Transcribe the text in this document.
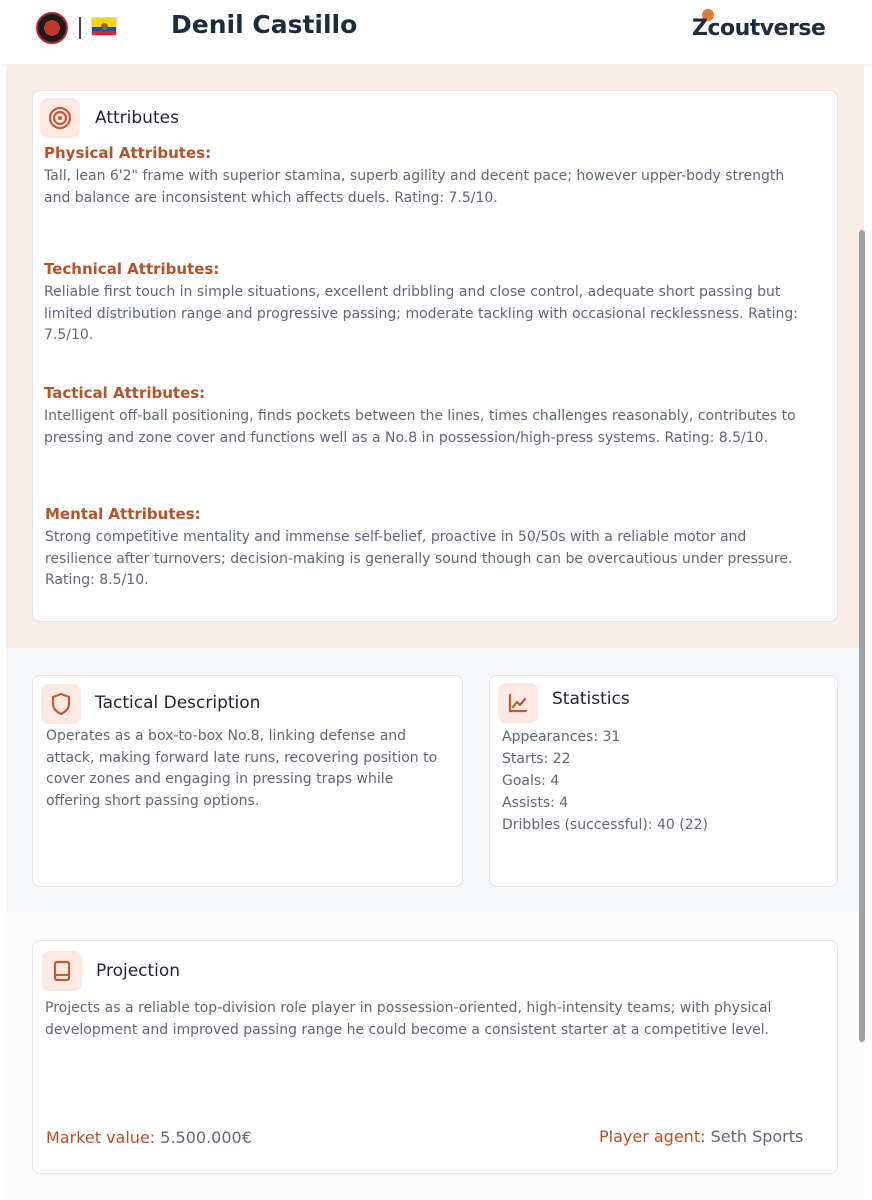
Denil Castillo	Zcoutverse
Attributes
Physical Attributes:

Tall, lean 6'2" frame with superior stamina, superb agility and decent pace; however upper-body strength
and balance are inconsistent which affects duels. Rating: 7.5/10.

Technical Attributes:

Reliable first touch in simple situations, excellent dribbling and close control, adequate short passing but
limited distribution range and progressive passing; moderate tackling with occasional recklessness. Rating:
7.5/10.

Tactical Attributes:

Intelligent off-ball positioning, finds pockets between the lines, times challenges reasonably, contributes to
pressing and zone cover and functions well as a No.8 in possession/high-press systems. Rating: 8.5/10.

Mental Attributes:

Strong competitive mentality and immense self-belief, proactive in 50/50s with a reliable motor and
resilience after turnovers; decision-making is generally sound though can be overcautious under pressure.
Rating: 8.5/10.

Tactical Description

Operates as a box-to-box No.8, linking defense and
attack, making forward late runs, recovering position to
cover zones and engaging in pressing traps while
offering short passing options.

Statistics

Appearances: 31

Starts: 22

Goals: 4

Assists: 4

Dribbles (successful): 40 (22)

Projection

Projects as a reliable top-division role player in possession-oriented, high-intensity teams; with physical
development and improved passing range he could become a consistent starter at a competitive level.

Market value: 5.500.000€	Player agent: Seth Sports
